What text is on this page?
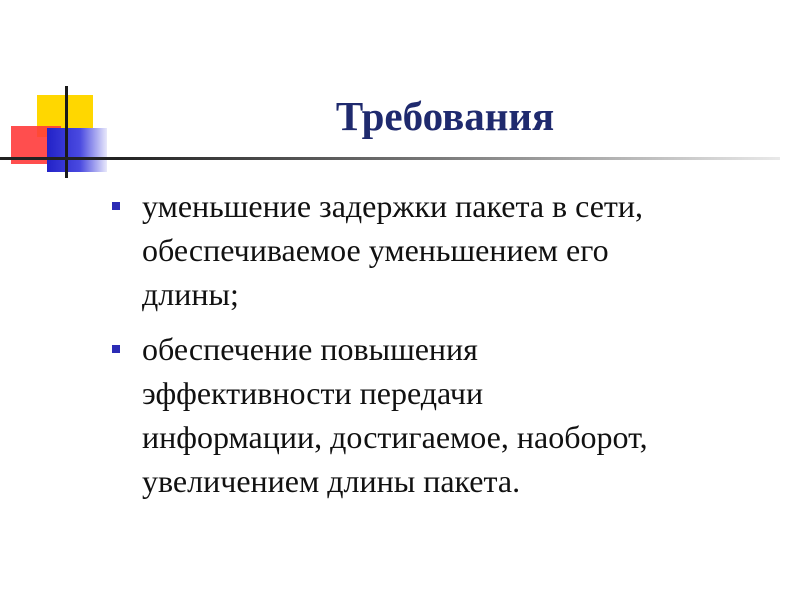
Требования
уменьшение задержки пакета в сети,
обеспечиваемое уменьшением его
длины;
обеспечение повышения
эффективности передачи
информации, достигаемое, наоборот,
увеличением длины пакета.
